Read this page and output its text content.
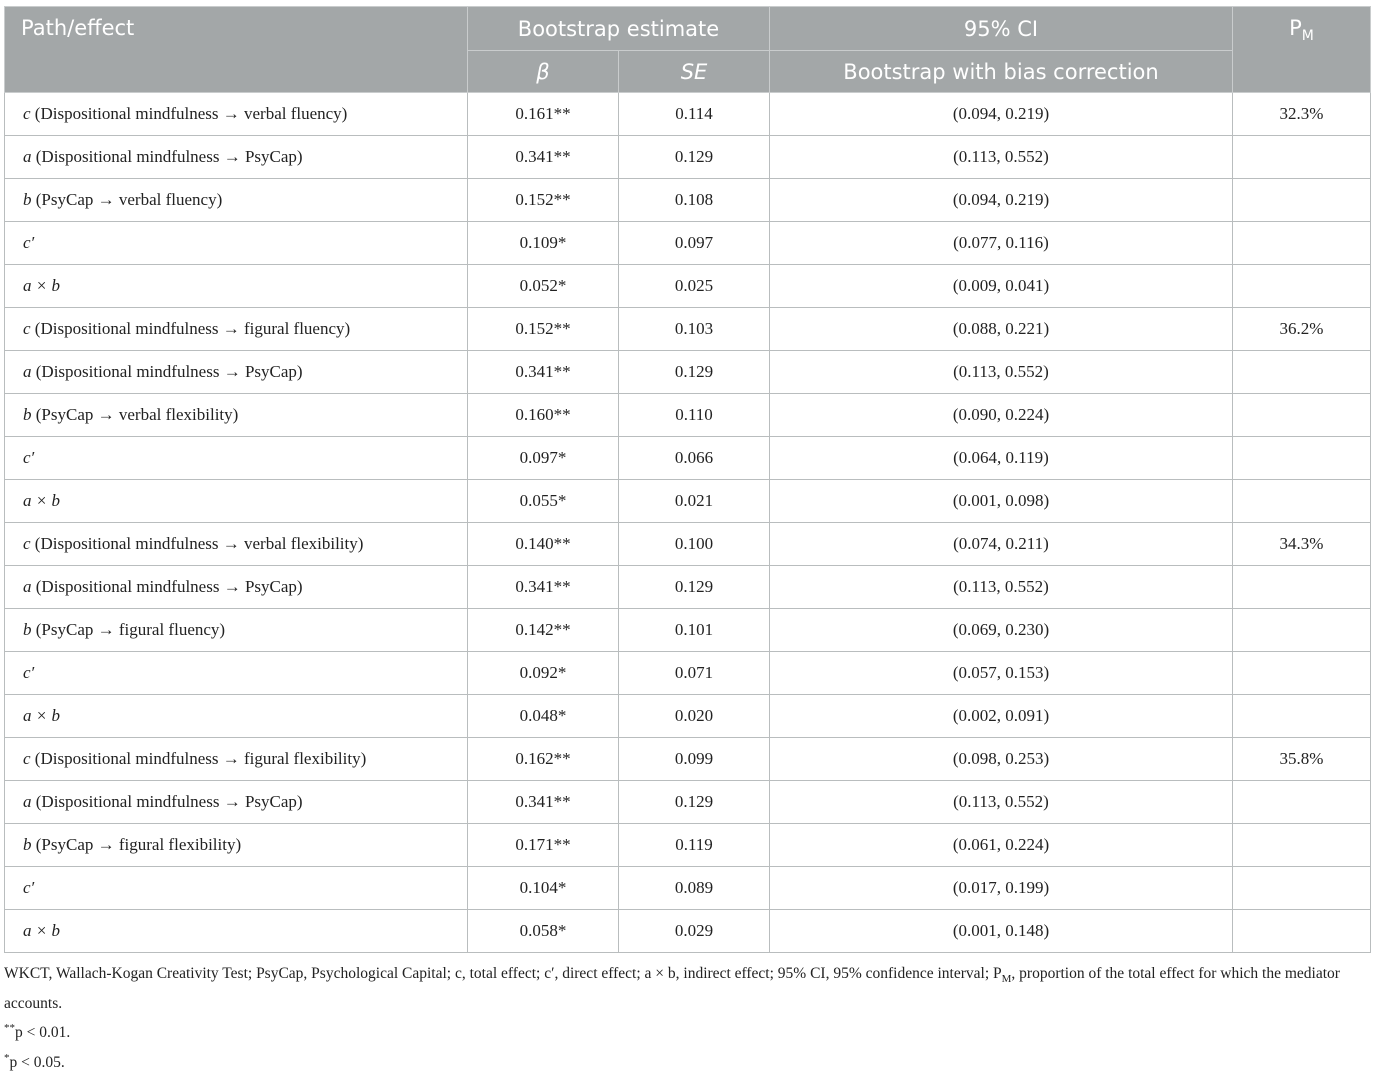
Path/effect	Bootstrap estimate		95% CI	$P_M$
	β	SE	Bootstrap with bias correction	
c (Dispositional mindfulness → verbal fluency)	0.161**	0.114	(0.094, 0.219)	32.3%
a (Dispositional mindfulness → PsyCap)	0.341**	0.129	(0.113, 0.552)	
b (PsyCap → verbal fluency)	0.152**	0.108	(0.094, 0.219)	
c′	0.109*	0.097	(0.077, 0.116)	
a × b	0.052*	0.025	(0.009, 0.041)	
c (Dispositional mindfulness → figural fluency)	0.152**	0.103	(0.088, 0.221)	36.2%
a (Dispositional mindfulness → PsyCap)	0.341**	0.129	(0.113, 0.552)	
b (PsyCap → verbal flexibility)	0.160**	0.110	(0.090, 0.224)	
c′	0.097*	0.066	(0.064, 0.119)	
a × b	0.055*	0.021	(0.001, 0.098)	
c (Dispositional mindfulness → verbal flexibility)	0.140**	0.100	(0.074, 0.211)	34.3%
a (Dispositional mindfulness → PsyCap)	0.341**	0.129	(0.113, 0.552)	
b (PsyCap → figural fluency)	0.142**	0.101	(0.069, 0.230)	
c′	0.092*	0.071	(0.057, 0.153)	
a × b	0.048*	0.020	(0.002, 0.091)	
c (Dispositional mindfulness → figural flexibility)	0.162**	0.099	(0.098, 0.253)	35.8%
a (Dispositional mindfulness → PsyCap)	0.341**	0.129	(0.113, 0.552)	
b (PsyCap → figural flexibility)	0.171**	0.119	(0.061, 0.224)	
c′	0.104*	0.089	(0.017, 0.199)	
a × b	0.058*	0.029	(0.001, 0.148)	

WKCT, Wallach-Kogan Creativity Test; PsyCap, Psychological Capital; c, total effect; c′, direct effect; a × b, indirect effect; 95% CI, 95% confidence interval; $P_M$, proportion of the total effect for which the mediator accounts.

**p < 0.01.

*p < 0.05.
